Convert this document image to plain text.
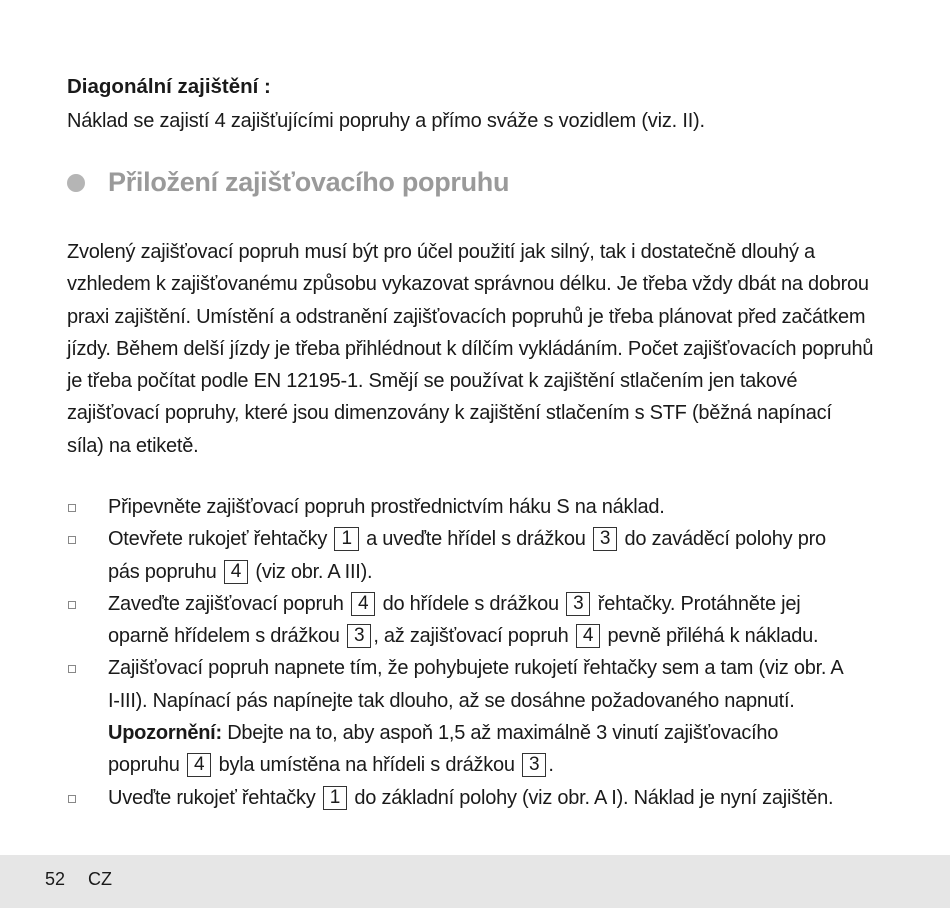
Diagonální zajištění :

Náklad se zajistí 4 zajišťujícími popruhy a přímo sváže s vozidlem (viz. II).

Přiložení zajišťovacího popruhu

Zvolený zajišťovací popruh musí být pro účel použití jak silný, tak i dostatečně dlouhý a
vzhledem k zajišťovanému způsobu vykazovat správnou délku. Je třeba vždy dbát na dobrou
praxi zajištění. Umístění a odstranění zajišťovacích popruhů je třeba plánovat před začátkem
jízdy. Během delší jízdy je třeba přihlédnout k dílčím vykládáním. Počet zajišťovacích popruhů
je třeba počítat podle EN 12195-1. Smějí se používat k zajištění stlačením jen takové
zajišťovací popruhy, které jsou dimenzovány k zajištění stlačením s STF (běžná napínací
síla) na etiketě.

Připevněte zajišťovací popruh prostřednictvím háku S na náklad.
Otevřete rukojeť řehtačky 1 a uveďte hřídel s drážkou 3 do zaváděcí polohy pro
pás popruhu 4 (viz obr. A III).
Zaveďte zajišťovací popruh 4 do hřídele s drážkou 3 řehtačky. Protáhněte jej
oparně hřídelem s drážkou 3 , až zajišťovací popruh 4 pevně přiléhá k nákladu.
Zajišťovací popruh napnete tím, že pohybujete rukojetí řehtačky sem a tam (viz obr. A
I-III). Napínací pás napínejte tak dlouho, až se dosáhne požadovaného napnutí.
Upozornění: Dbejte na to, aby aspoň 1,5 až maximálně 3 vinutí zajišťovacího
popruhu 4 byla umístěna na hřídeli s drážkou 3 .
Uveďte rukojeť řehtačky 1 do základní polohy (viz obr. A I). Náklad je nyní zajištěn.

52 CZ
